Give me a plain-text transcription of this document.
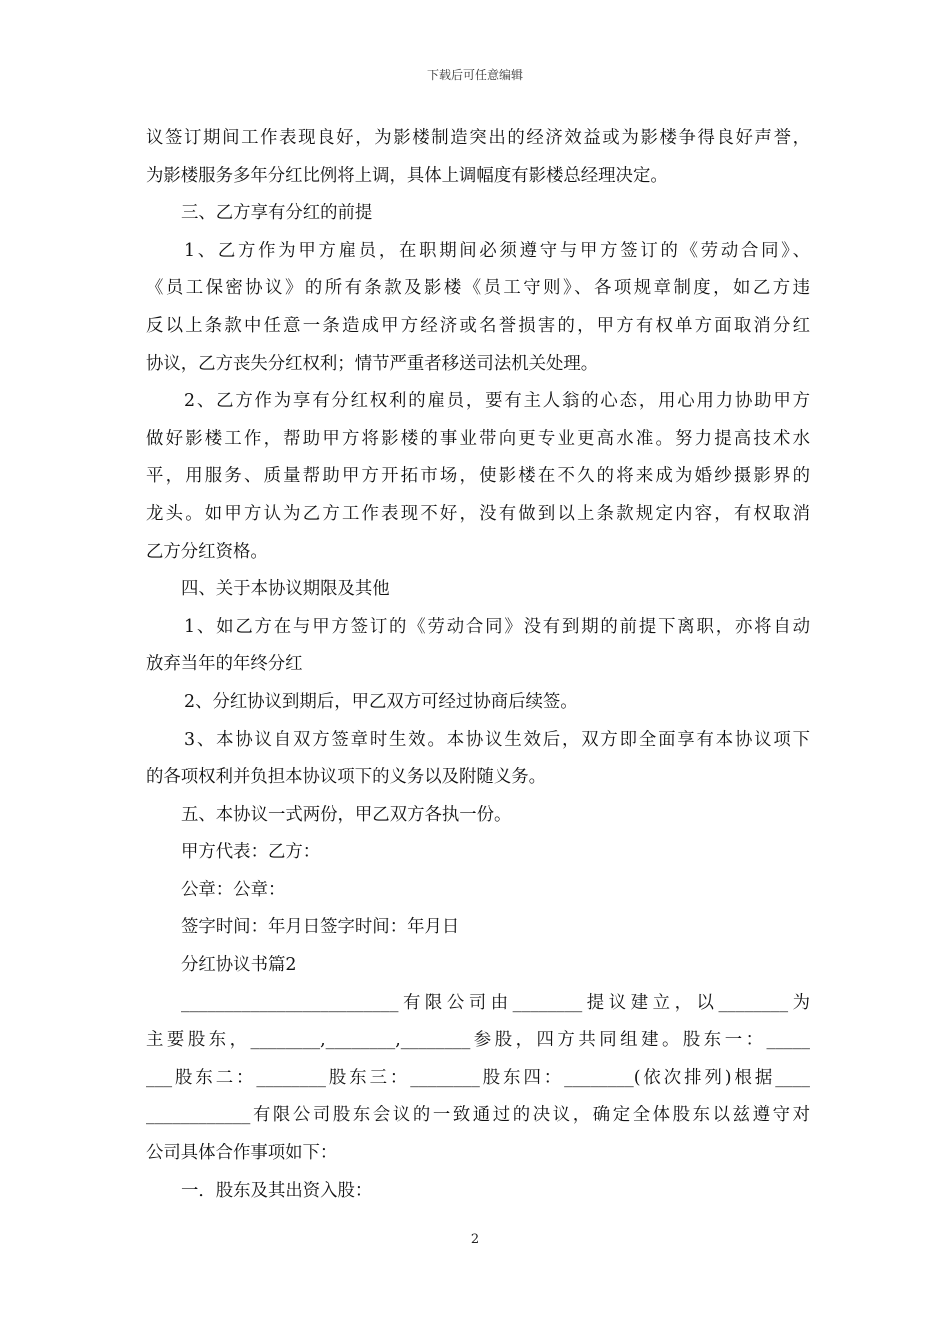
下载后可任意编辑
议签订期间工作表现良好，为影楼制造突出的经济效益或为影楼争得良好声誉，
为影楼服务多年分红比例将上调，具体上调幅度有影楼总经理决定。
三、乙方享有分红的前提
1、乙方作为甲方雇员，在职期间必须遵守与甲方签订的《劳动合同》、
《员工保密协议》的所有条款及影楼《员工守则》、各项规章制度，如乙方违
反以上条款中任意一条造成甲方经济或名誉损害的，甲方有权单方面取消分红
协议，乙方丧失分红权利；情节严重者移送司法机关处理。
2、乙方作为享有分红权利的雇员，要有主人翁的心态，用心用力协助甲方
做好影楼工作，帮助甲方将影楼的事业带向更专业更高水准。努力提高技术水
平，用服务、质量帮助甲方开拓市场，使影楼在不久的将来成为婚纱摄影界的
龙头。如甲方认为乙方工作表现不好，没有做到以上条款规定内容，有权取消
乙方分红资格。
四、关于本协议期限及其他
1、如乙方在与甲方签订的《劳动合同》没有到期的前提下离职，亦将自动
放弃当年的年终分红
2、分红协议到期后，甲乙双方可经过协商后续签。
3、本协议自双方签章时生效。本协议生效后，双方即全面享有本协议项下
的各项权利并负担本协议项下的义务以及附随义务。
五、本协议一式两份，甲乙双方各执一份。
甲方代表：乙方：
公章：公章：
签字时间：年月日签字时间：年月日
分红协议书篇2
_________________________有限公司由________提议建立，以________为
主要股东，________,________,________参股，四方共同组建。股东一：_____
___股东二：________股东三：________股东四：________(依次排列)根据____
____________有限公司股东会议的一致通过的决议，确定全体股东以兹遵守对
公司具体合作事项如下：
一．股东及其出资入股：
2
